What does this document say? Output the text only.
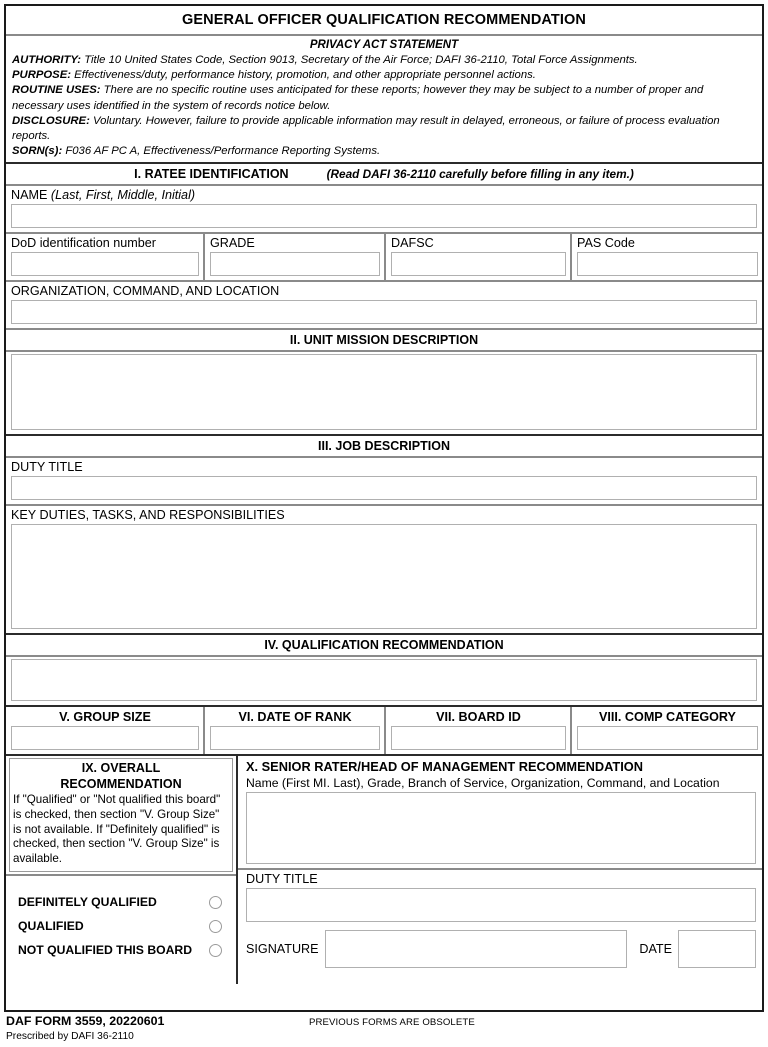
GENERAL OFFICER QUALIFICATION RECOMMENDATION
PRIVACY ACT STATEMENT
AUTHORITY: Title 10 United States Code, Section 9013, Secretary of the Air Force; DAFI 36-2110, Total Force Assignments.
PURPOSE: Effectiveness/duty, performance history, promotion, and other appropriate personnel actions.
ROUTINE USES: There are no specific routine uses anticipated for these reports; however they may be subject to a number of proper and necessary uses identified in the system of records notice below.
DISCLOSURE: Voluntary. However, failure to provide applicable information may result in delayed, erroneous, or failure of process evaluation reports.
SORN(s): F036 AF PC A, Effectiveness/Performance Reporting Systems.
I. RATEE IDENTIFICATION	(Read DAFI 36-2110 carefully before filling in any item.)
NAME (Last, First, Middle, Initial)
DoD identification number	GRADE	DAFSC	PAS Code
ORGANIZATION, COMMAND, AND LOCATION
II. UNIT MISSION DESCRIPTION
III. JOB DESCRIPTION
DUTY TITLE
KEY DUTIES, TASKS, AND RESPONSIBILITIES
IV. QUALIFICATION RECOMMENDATION
V. GROUP SIZE	VI. DATE OF RANK	VII. BOARD ID	VIII. COMP CATEGORY
IX. OVERALL
RECOMMENDATION
If "Qualified" or "Not qualified this board" is checked, then section "V. Group Size" is not available. If "Definitely qualified" is checked, then section "V. Group Size" is available.
DEFINITELY QUALIFIED
QUALIFIED
NOT QUALIFIED THIS BOARD
X. SENIOR RATER/HEAD OF MANAGEMENT RECOMMENDATION
Name (First MI. Last), Grade, Branch of Service, Organization, Command, and Location
DUTY TITLE
SIGNATURE	DATE
DAF FORM 3559, 20220601
Prescribed by DAFI 36-2110
PREVIOUS FORMS ARE OBSOLETE
